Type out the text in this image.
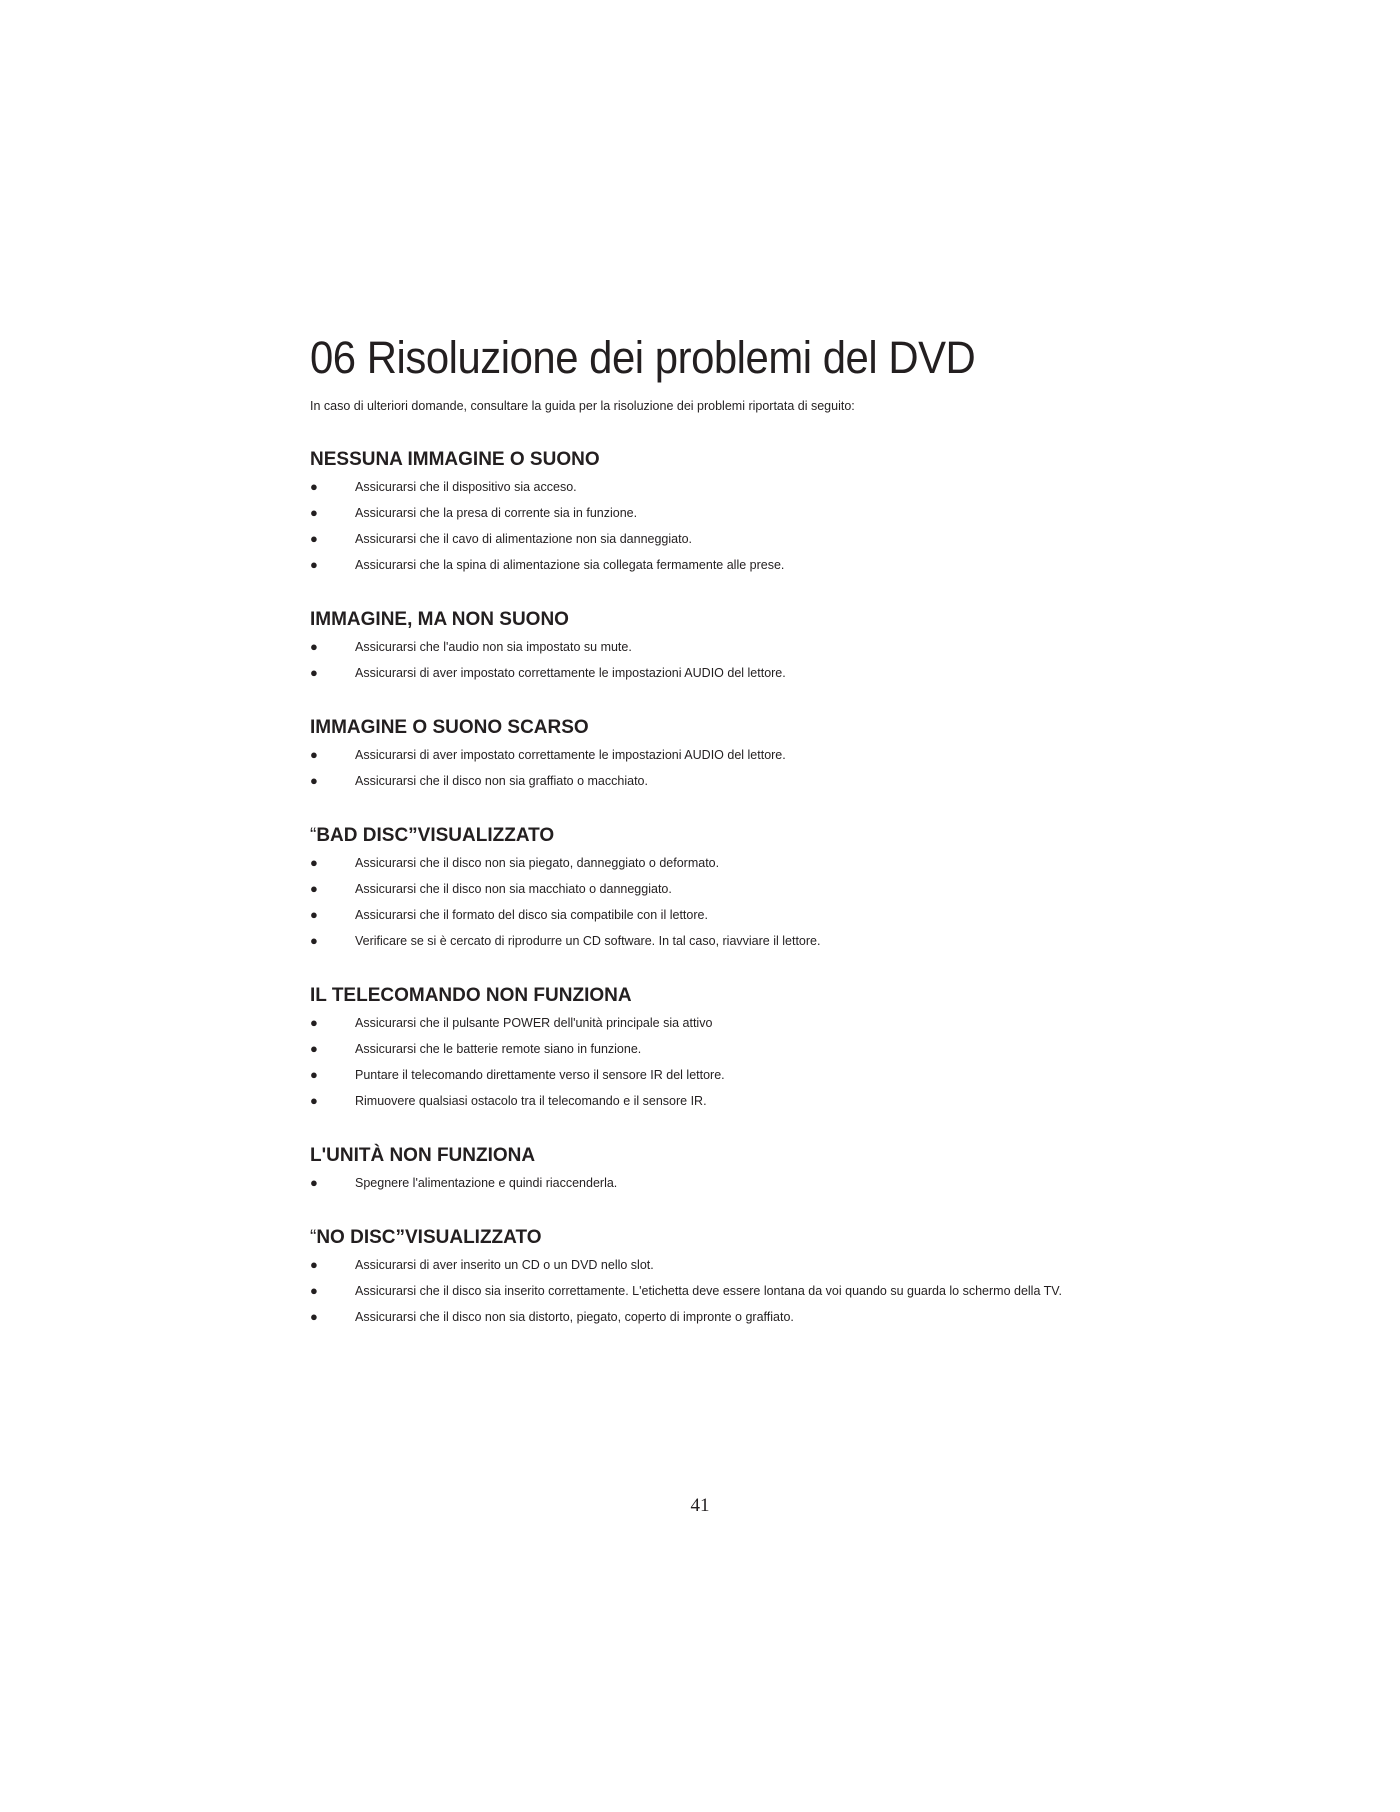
06 Risoluzione dei problemi del DVD

In caso di ulteriori domande, consultare la guida per la risoluzione dei problemi riportata di seguito:

NESSUNA IMMAGINE O SUONO
●	Assicurarsi che il dispositivo sia acceso.
●	Assicurarsi che la presa di corrente sia in funzione.
●	Assicurarsi che il cavo di alimentazione non sia danneggiato.
●	Assicurarsi che la spina di alimentazione sia collegata fermamente alle prese.
IMMAGINE, MA NON SUONO
●	Assicurarsi che l'audio non sia impostato su mute.
●	Assicurarsi di aver impostato correttamente le impostazioni AUDIO del lettore.
IMMAGINE O SUONO SCARSO
●	Assicurarsi di aver impostato correttamente le impostazioni AUDIO del lettore.
●	Assicurarsi che il disco non sia graffiato o macchiato.
“BAD DISC”VISUALIZZATO
●	Assicurarsi che il disco non sia piegato, danneggiato o deformato.
●	Assicurarsi che il disco non sia macchiato o danneggiato.
●	Assicurarsi che il formato del disco sia compatibile con il lettore.
●	Verificare se si è cercato di riprodurre un CD software. In tal caso, riavviare il lettore.
IL TELECOMANDO NON FUNZIONA
●	Assicurarsi che il pulsante POWER dell'unità principale sia attivo
●	Assicurarsi che le batterie remote siano in funzione.
●	Puntare il telecomando direttamente verso il sensore IR del lettore.
●	Rimuovere qualsiasi ostacolo tra il telecomando e il sensore IR.
L'UNITÀ NON FUNZIONA
●	Spegnere l'alimentazione e quindi riaccenderla.
“NO DISC”VISUALIZZATO
●	Assicurarsi di aver inserito un CD o un DVD nello slot.
●	Assicurarsi che il disco sia inserito correttamente. L'etichetta deve essere lontana da voi quando su guarda lo schermo della TV.
●	Assicurarsi che il disco non sia distorto, piegato, coperto di impronte o graffiato.
41
